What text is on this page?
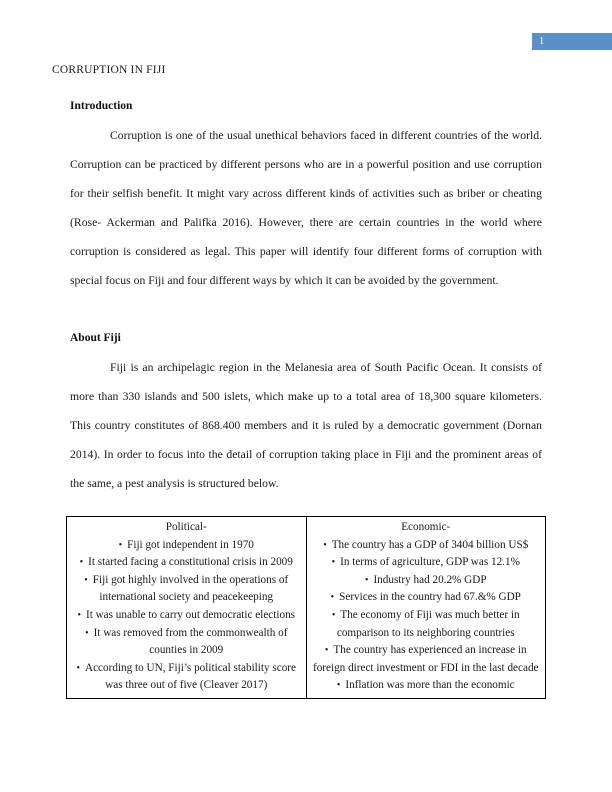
1
CORRUPTION IN FIJI
Introduction

Corruption is one of the usual unethical behaviors faced in different countries of the world. Corruption can be practiced by different persons who are in a powerful position and use corruption for their selfish benefit. It might vary across different kinds of activities such as briber or cheating (Rose- Ackerman and Palifka 2016). However, there are certain countries in the world where corruption is considered as legal. This paper will identify four different forms of corruption with special focus on Fiji and four different ways by which it can be avoided by the government.

About Fiji

Fiji is an archipelagic region in the Melanesia area of South Pacific Ocean. It consists of more than 330 islands and 500 islets, which make up to a total area of 18,300 square kilometers. This country constitutes of 868.400 members and it is ruled by a democratic government (Dornan 2014). In order to focus into the detail of corruption taking place in Fiji and the prominent areas of the same, a pest analysis is structured below.

Political-
• Fiji got independent in 1970
• It started facing a constitutional crisis in 2009
• Fiji got highly involved in the operations of international society and peacekeeping
• It was unable to carry out democratic elections
• It was removed from the commonwealth of counties in 2009
• According to UN, Fiji’s political stability score was three out of five (Cleaver 2017)

Economic-
• The country has a GDP of 3404 billion US$
• In terms of agriculture, GDP was 12.1%
• Industry had 20.2% GDP
• Services in the country had 67.&% GDP
• The economy of Fiji was much better in comparison to its neighboring countries
• The country has experienced an increase in foreign direct investment or FDI in the last decade
• Inflation was more than the economic
